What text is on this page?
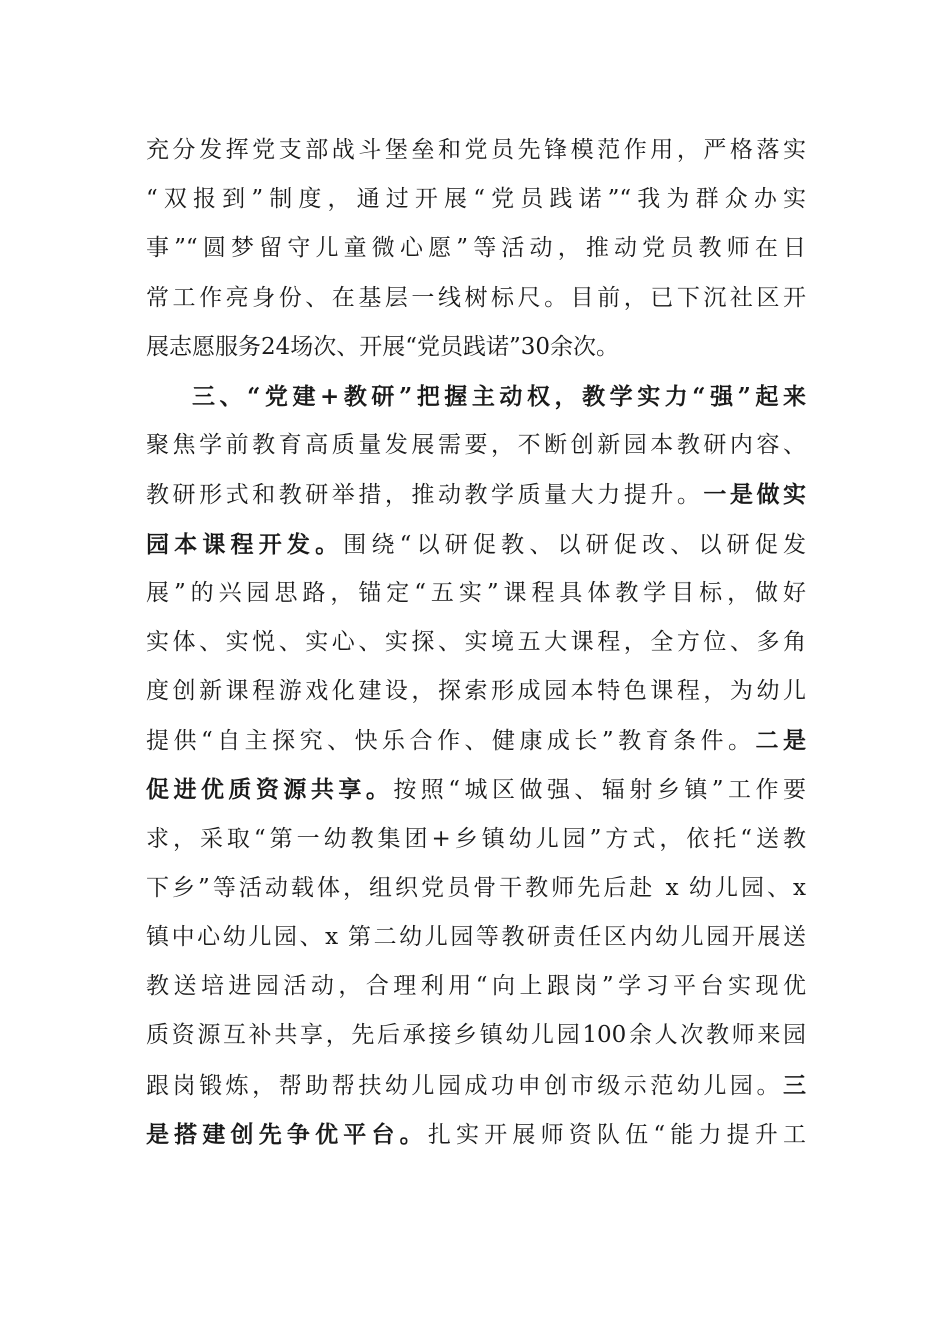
充分发挥党支部战斗堡垒和党员先锋模范作用，严格落实
“双报到”制度，通过开展“党员践诺”“我为群众办实
事”“圆梦留守儿童微心愿”等活动，推动党员教师在日
常工作亮身份、在基层一线树标尺。目前，已下沉社区开
展志愿服务24场次、开展“党员践诺”30余次。
三、“党建+教研”把握主动权，教学实力“强”起来
聚焦学前教育高质量发展需要，不断创新园本教研内容、
教研形式和教研举措，推动教学质量大力提升。一是做实
园本课程开发。围绕“以研促教、以研促改、以研促发
展”的兴园思路，锚定“五实”课程具体教学目标，做好
实体、实悦、实心、实探、实境五大课程，全方位、多角
度创新课程游戏化建设，探索形成园本特色课程，为幼儿
提供“自主探究、快乐合作、健康成长”教育条件。二是
促进优质资源共享。按照“城区做强、辐射乡镇”工作要
求，采取“第一幼教集团+乡镇幼儿园”方式，依托“送教
下乡”等活动载体，组织党员骨干教师先后赴 x 幼儿园、x
镇中心幼儿园、x 第二幼儿园等教研责任区内幼儿园开展送
教送培进园活动，合理利用“向上跟岗”学习平台实现优
质资源互补共享，先后承接乡镇幼儿园100余人次教师来园
跟岗锻炼，帮助帮扶幼儿园成功申创市级示范幼儿园。三
是搭建创先争优平台。扎实开展师资队伍“能力提升工
